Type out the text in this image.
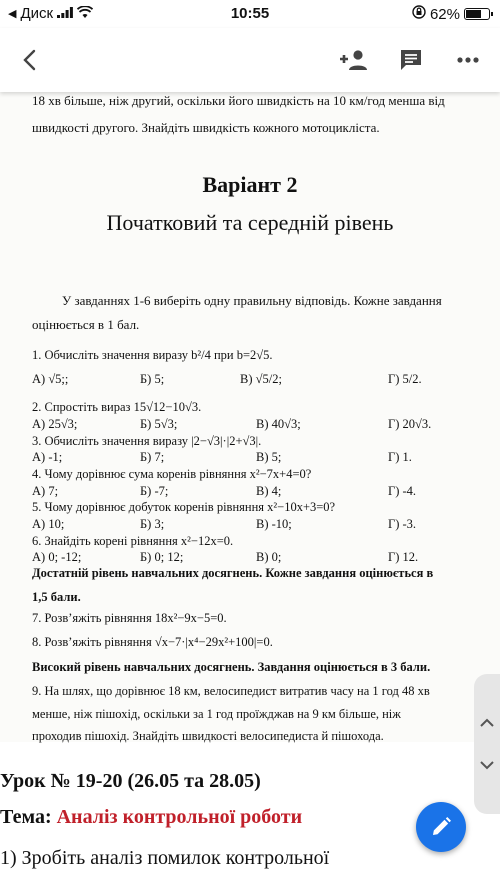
◀ Диск	10:55	62%

18 хв більше, ніж другий, оскільки його швидкість на 10 км/год менша від

швидкості другого. Знайдіть швидкість кожного мотоцикліста.

Варіант 2
Початковий та середній рівень

У завданнях 1-6 виберіть одну правильну відповідь. Кожне завдання

оцінюється в 1 бал.

1. Обчисліть значення виразу b²/4 при b=2√5.

А) √5;;	Б) 5;	В) √5/2;	Г) 5/2.

2. Спростіть вираз 15√12−10√3.

А) 25√3;	Б) 5√3;	В) 40√3;	Г) 20√3.

3. Обчисліть значення виразу |2−√3|·|2+√3|.

А) -1;	Б) 7;	В) 5;	Г) 1.

4. Чому дорівнює сума коренів рівняння x²−7x+4=0?

А) 7;	Б) -7;	В) 4;	Г) -4.

5. Чому дорівнює добуток коренів рівняння x²−10x+3=0?

А) 10;	Б) 3;	В) -10;	Г) -3.

6. Знайдіть корені рівняння x²−12x=0.

А) 0; -12;	Б) 0; 12;	В) 0;	Г) 12.

Достатній рівень навчальних досягнень. Кожне завдання оцінюється в

1,5 бали.

7. Розв’яжіть рівняння 18x²−9x−5=0.

8. Розв’яжіть рівняння √x−7·|x⁴−29x²+100|=0.

Високий рівень навчальних досягнень. Завдання оцінюється в 3 бали.

9. На шлях, що дорівнює 18 км, велосипедист витратив часу на 1 год 48 хв

менше, ніж пішохід, оскільки за 1 год проїжджав на 9 км більше, ніж

проходив пішохід. Знайдіть швидкості велосипедиста й пішохода.

Урок № 19-20 (26.05 та 28.05)
Тема: Аналіз контрольної роботи
1) Зробіть аналіз помилок контрольної
